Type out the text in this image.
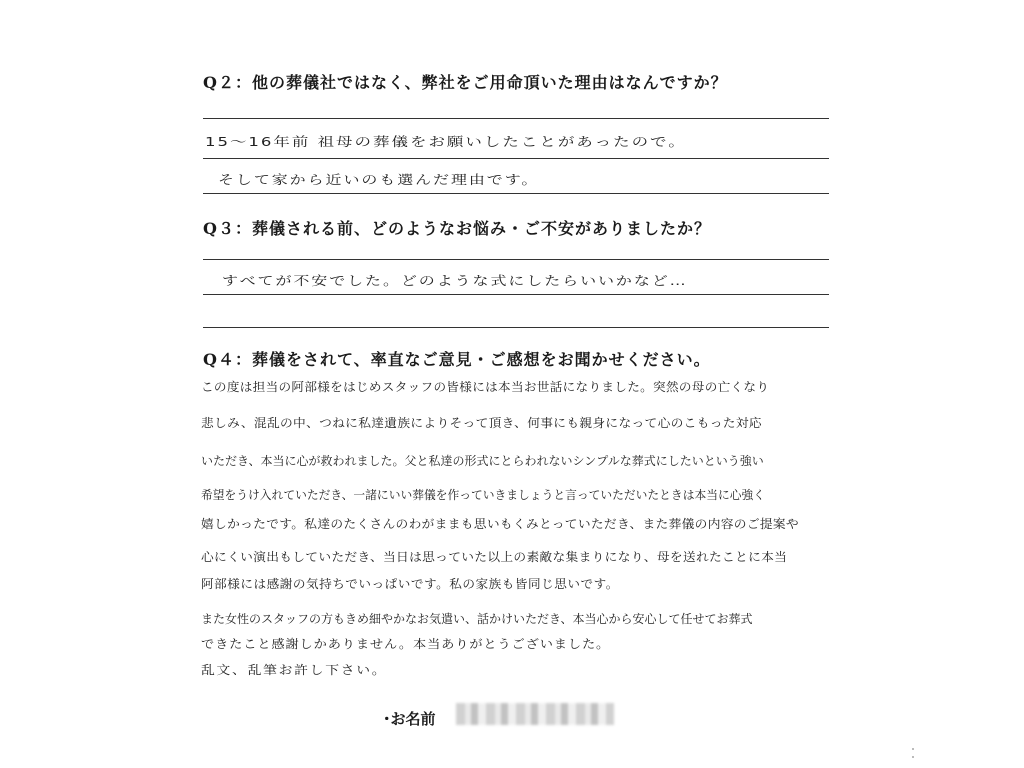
Q２：他の葬儀社ではなく、弊社をご用命頂いた理由はなんですか？
15～16年前 祖母の葬儀をお願いしたことがあったので。
そして家から近いのも選んだ理由です。
Q３：葬儀される前、どのようなお悩み・ご不安がありましたか？
すべてが不安でした。どのような式にしたらいいかなど…
Q４：葬儀をされて、率直なご意見・ご感想をお聞かせください。
この度は担当の阿部様をはじめスタッフの皆様には本当お世話になりました。突然の母の亡くなり
悲しみ、混乱の中、つねに私達遺族によりそって頂き、何事にも親身になって心のこもった対応
いただき、本当に心が救われました。父と私達の形式にとらわれないシンプルな葬式にしたいという強い
希望をうけ入れていただき、一諸にいい葬儀を作っていきましょうと言っていただいたときは本当に心強く
嬉しかったです。私達のたくさんのわがままも思いもくみとっていただき、また葬儀の内容のご提案や
心にくい演出もしていただき、当日は思っていた以上の素敵な集まりになり、母を送れたことに本当
阿部様には感謝の気持ちでいっぱいです。私の家族も皆同じ思いです。
また女性のスタッフの方もきめ細やかなお気遣い、話かけいただき、本当心から安心して任せてお葬式
できたこと感謝しかありません。本当ありがとうございました。
乱文、乱筆お許し下さい。
･お名前
